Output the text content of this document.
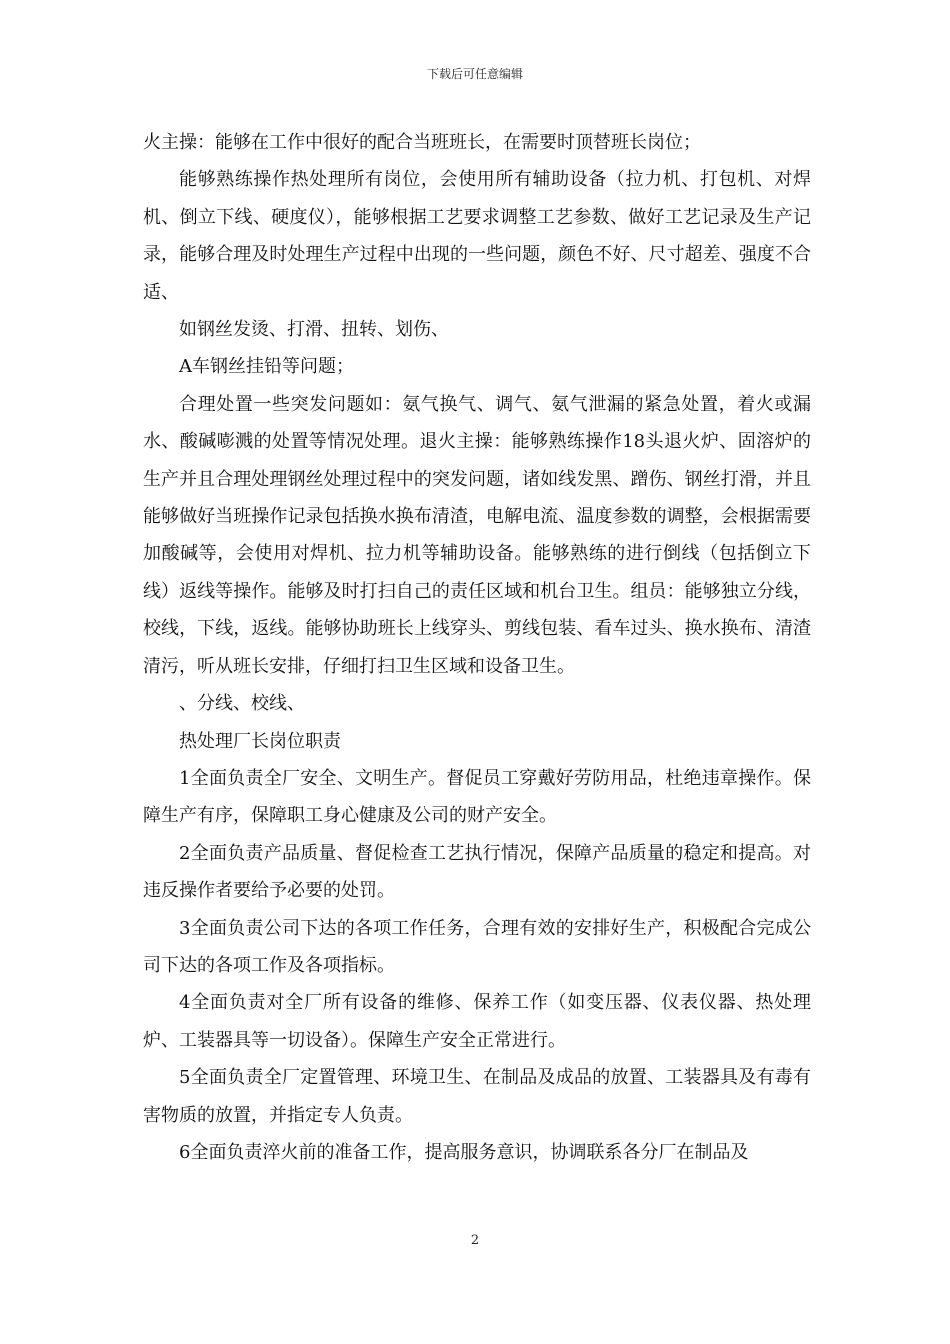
下载后可任意编辑

火主操：能够在工作中很好的配合当班班长，在需要时顶替班长岗位；

能够熟练操作热处理所有岗位，会使用所有辅助设备（拉力机、打包机、对焊机、倒立下线、硬度仪），能够根据工艺要求调整工艺参数、做好工艺记录及生产记录，能够合理及时处理生产过程中出现的一些问题，颜色不好、尺寸超差、强度不合适、

如钢丝发烫、打滑、扭转、划伤、

A车钢丝挂铅等问题；

合理处置一些突发问题如：氨气换气、调气、氨气泄漏的紧急处置，着火或漏水、酸碱嘭溅的处置等情况处理。退火主操：能够熟练操作18头退火炉、固溶炉的生产并且合理处理钢丝处理过程中的突发问题，诸如线发黑、蹭伤、钢丝打滑，并且能够做好当班操作记录包括换水换布清渣，电解电流、温度参数的调整，会根据需要加酸碱等，会使用对焊机、拉力机等辅助设备。能够熟练的进行倒线（包括倒立下线）返线等操作。能够及时打扫自己的责任区域和机台卫生。组员：能够独立分线，校线，下线，返线。能够协助班长上线穿头、剪线包装、看车过头、换水换布、清渣清污，听从班长安排，仔细打扫卫生区域和设备卫生。

、分线、校线、

热处理厂长岗位职责

1全面负责全厂安全、文明生产。督促员工穿戴好劳防用品，杜绝违章操作。保障生产有序，保障职工身心健康及公司的财产安全。

2全面负责产品质量、督促检查工艺执行情况，保障产品质量的稳定和提高。对违反操作者要给予必要的处罚。

3全面负责公司下达的各项工作任务，合理有效的安排好生产，积极配合完成公司下达的各项工作及各项指标。

4全面负责对全厂所有设备的维修、保养工作（如变压器、仪表仪器、热处理炉、工装器具等一切设备）。保障生产安全正常进行。

5全面负责全厂定置管理、环境卫生、在制品及成品的放置、工装器具及有毒有害物质的放置，并指定专人负责。

6全面负责淬火前的准备工作，提高服务意识，协调联系各分厂在制品及

2
